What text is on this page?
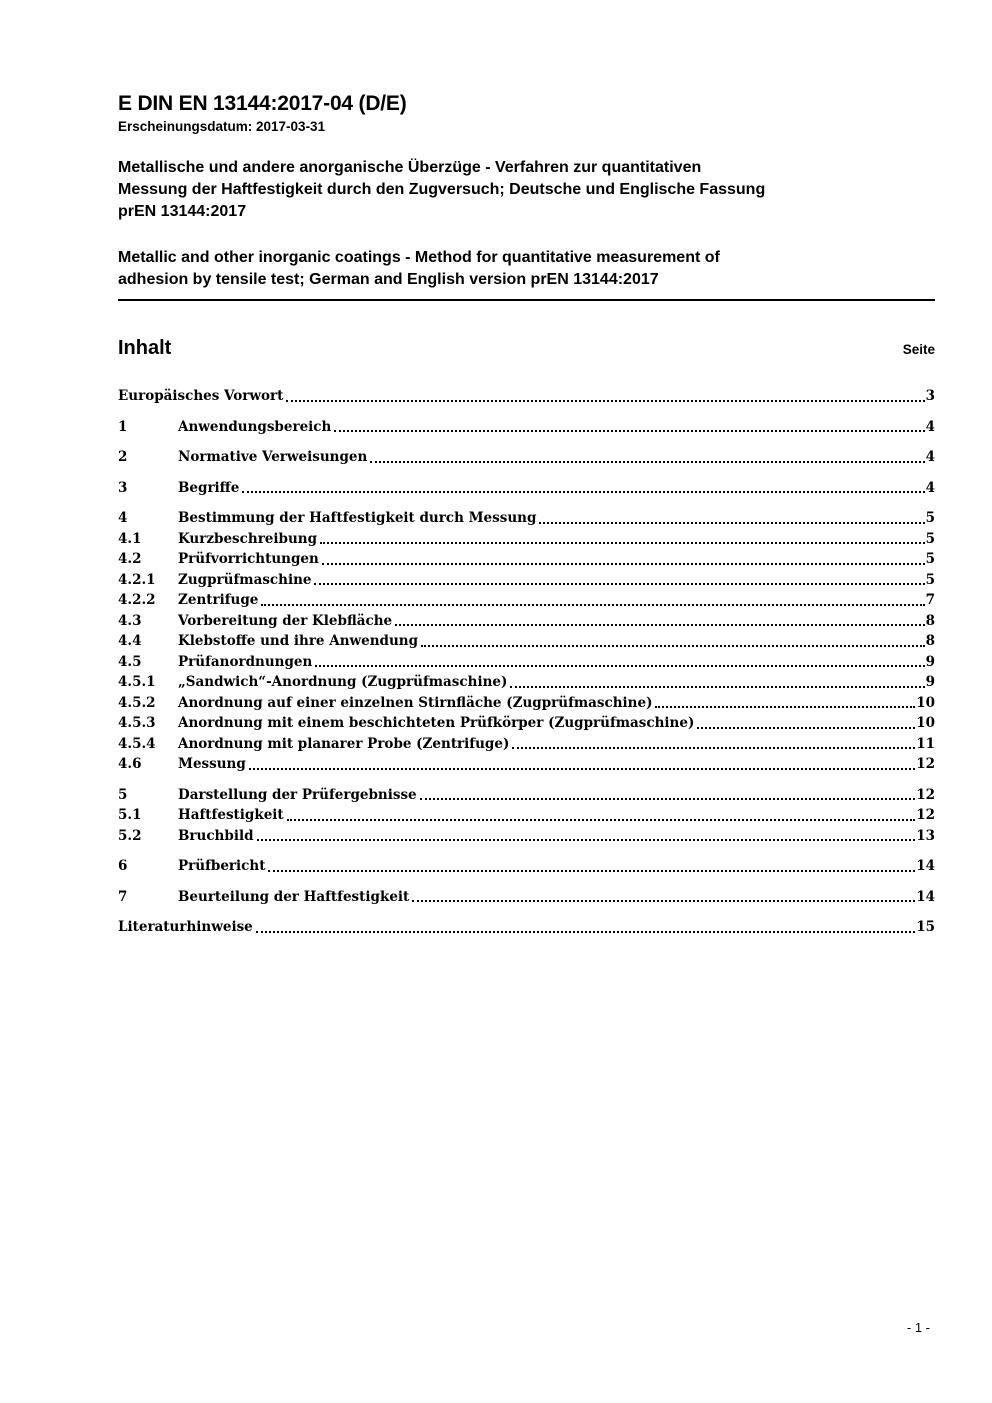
E DIN EN 13144:2017-04 (D/E)
Erscheinungsdatum: 2017-03-31
Metallische und andere anorganische Überzüge - Verfahren zur quantitativen
Messung der Haftfestigkeit durch den Zugversuch; Deutsche und Englische Fassung
prEN 13144:2017
Metallic and other inorganic coatings - Method for quantitative measurement of
adhesion by tensile test; German and English version prEN 13144:2017
Inhalt	Seite
Europäisches Vorwort	3
1	Anwendungsbereich	4
2	Normative Verweisungen	4
3	Begriffe	4
4	Bestimmung der Haftfestigkeit durch Messung	5
4.1	Kurzbeschreibung	5
4.2	Prüfvorrichtungen	5
4.2.1	Zugprüfmaschine	5
4.2.2	Zentrifuge	7
4.3	Vorbereitung der Klebfläche	8
4.4	Klebstoffe und ihre Anwendung	8
4.5	Prüfanordnungen	9
4.5.1	„Sandwich“-Anordnung (Zugprüfmaschine)	9
4.5.2	Anordnung auf einer einzelnen Stirnfläche (Zugprüfmaschine)	10
4.5.3	Anordnung mit einem beschichteten Prüfkörper (Zugprüfmaschine)	10
4.5.4	Anordnung mit planarer Probe (Zentrifuge)	11
4.6	Messung	12
5	Darstellung der Prüfergebnisse	12
5.1	Haftfestigkeit	12
5.2	Bruchbild	13
6	Prüfbericht	14
7	Beurteilung der Haftfestigkeit	14
Literaturhinweise	15
- 1 -
